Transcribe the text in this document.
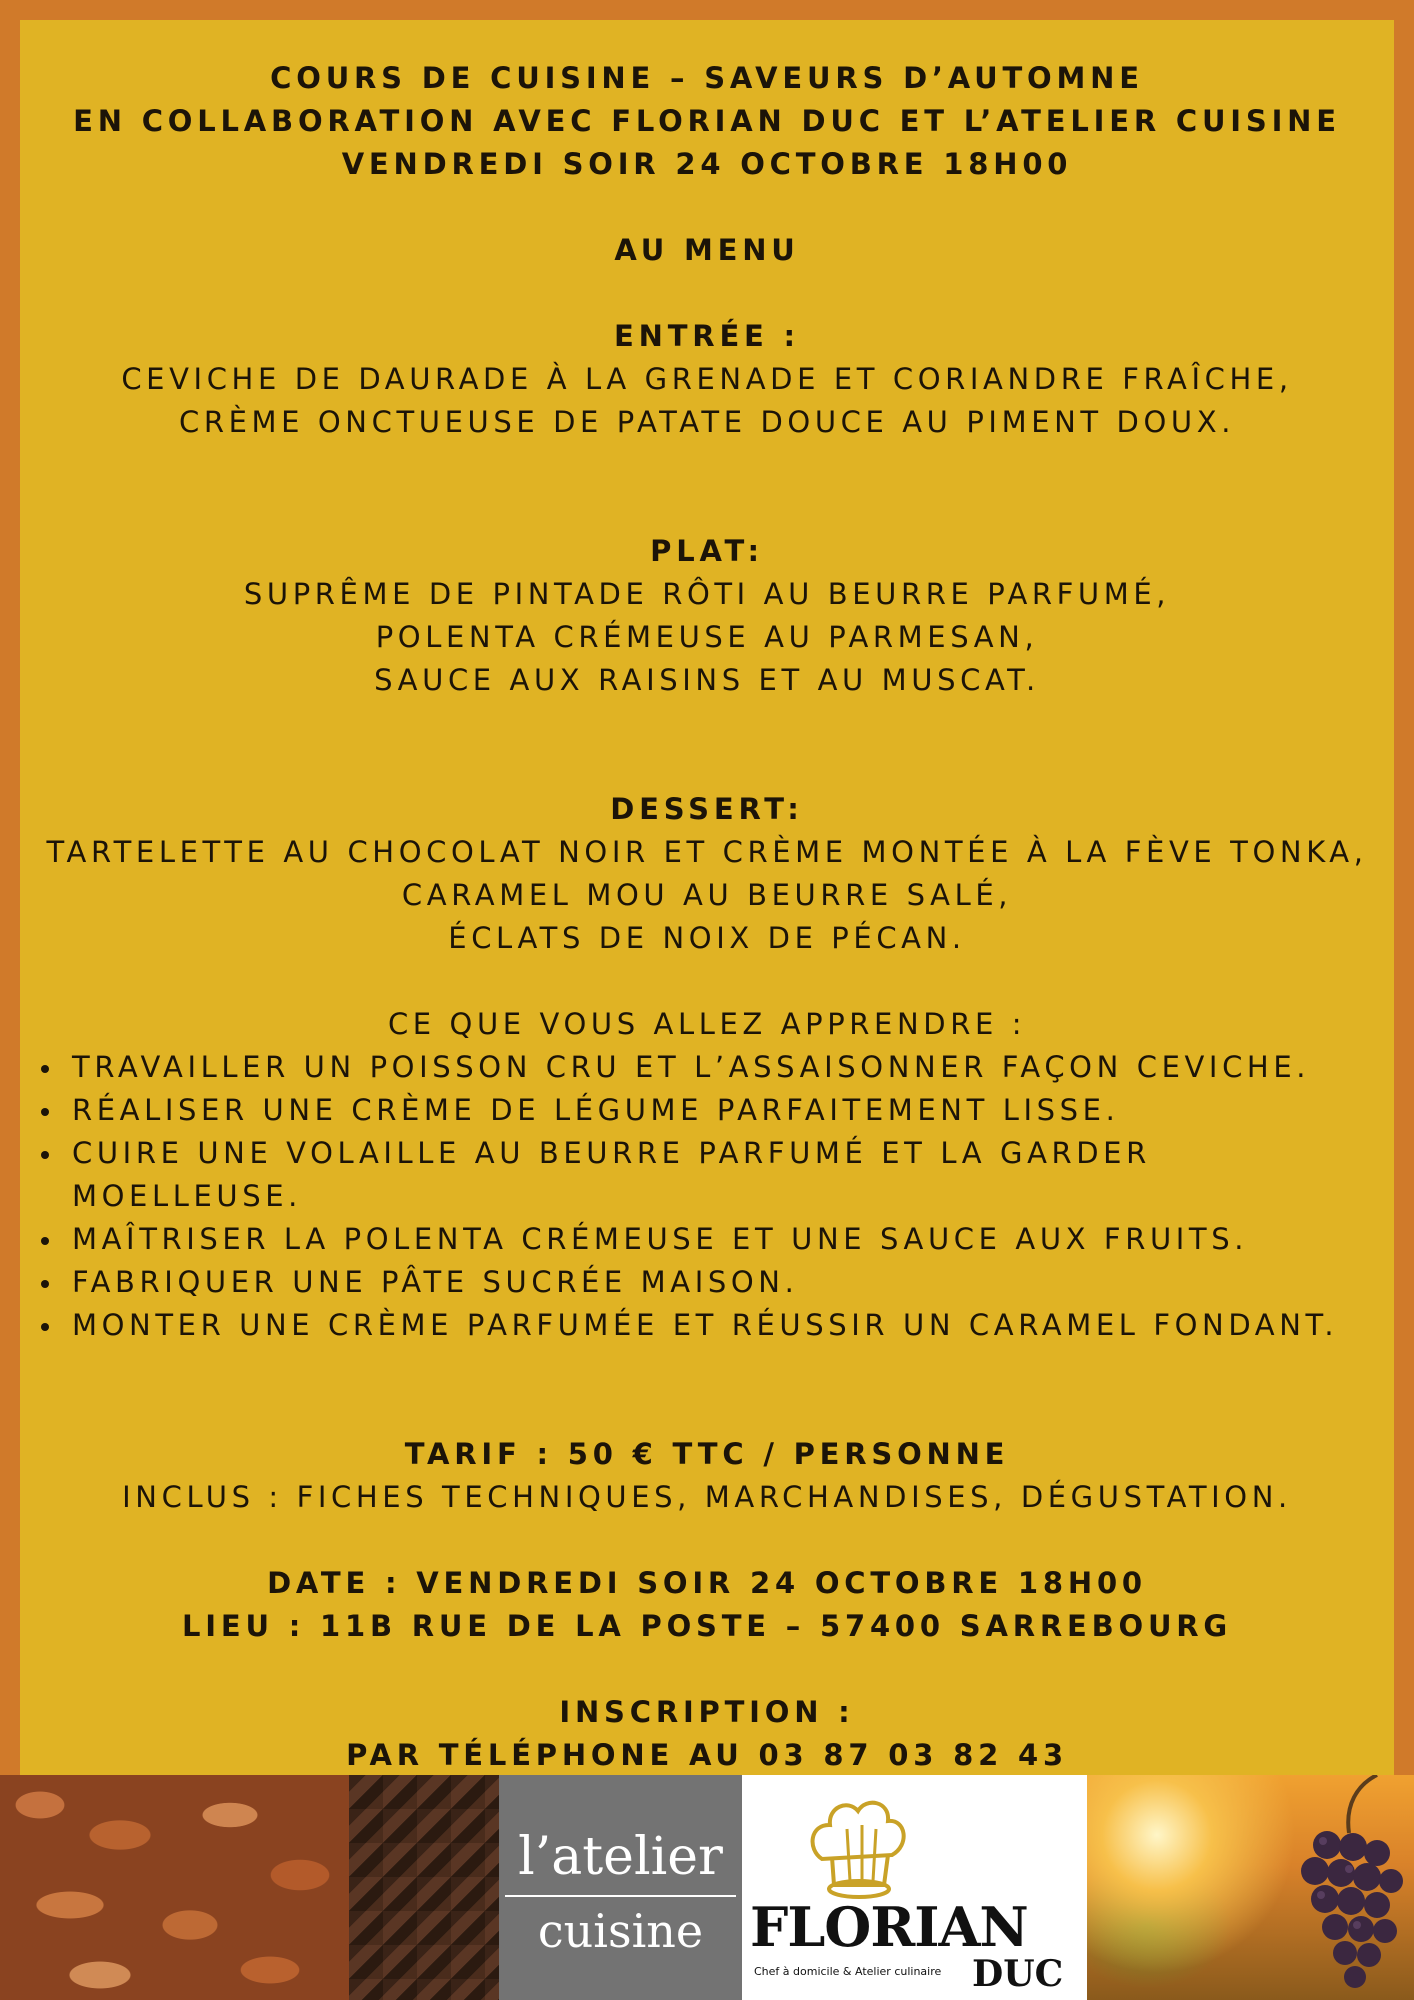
COURS DE CUISINE – SAVEURS D’AUTOMNE
EN COLLABORATION AVEC FLORIAN DUC ET L’ATELIER CUISINE
VENDREDI SOIR 24 OCTOBRE 18H00
AU MENU
ENTRÉE :
CEVICHE DE DAURADE À LA GRENADE ET CORIANDRE FRAÎCHE,
CRÈME ONCTUEUSE DE PATATE DOUCE AU PIMENT DOUX.
PLAT:
SUPRÊME DE PINTADE RÔTI AU BEURRE PARFUMÉ,
POLENTA CRÉMEUSE AU PARMESAN,
SAUCE AUX RAISINS ET AU MUSCAT.
DESSERT:
TARTELETTE AU CHOCOLAT NOIR ET CRÈME MONTÉE À LA FÈVE TONKA,
CARAMEL MOU AU BEURRE SALÉ,
ÉCLATS DE NOIX DE PÉCAN.
CE QUE VOUS ALLEZ APPRENDRE :
TRAVAILLER UN POISSON CRU ET L’ASSAISONNER FAÇON CEVICHE.
RÉALISER UNE CRÈME DE LÉGUME PARFAITEMENT LISSE.
CUIRE UNE VOLAILLE AU BEURRE PARFUMÉ ET LA GARDER
MOELLEUSE.
MAÎTRISER LA POLENTA CRÉMEUSE ET UNE SAUCE AUX FRUITS.
FABRIQUER UNE PÂTE SUCRÉE MAISON.
MONTER UNE CRÈME PARFUMÉE ET RÉUSSIR UN CARAMEL FONDANT.
TARIF : 50 € TTC / PERSONNE
INCLUS : FICHES TECHNIQUES, MARCHANDISES, DÉGUSTATION.
DATE : VENDREDI SOIR 24 OCTOBRE 18H00
LIEU : 11B RUE DE LA POSTE – 57400 SARREBOURG
INSCRIPTION :
PAR TÉLÉPHONE AU 03 87 03 82 43
l’atelier
cuisine FLORIAN
Chef à domicile & Atelier culinaire DUC
